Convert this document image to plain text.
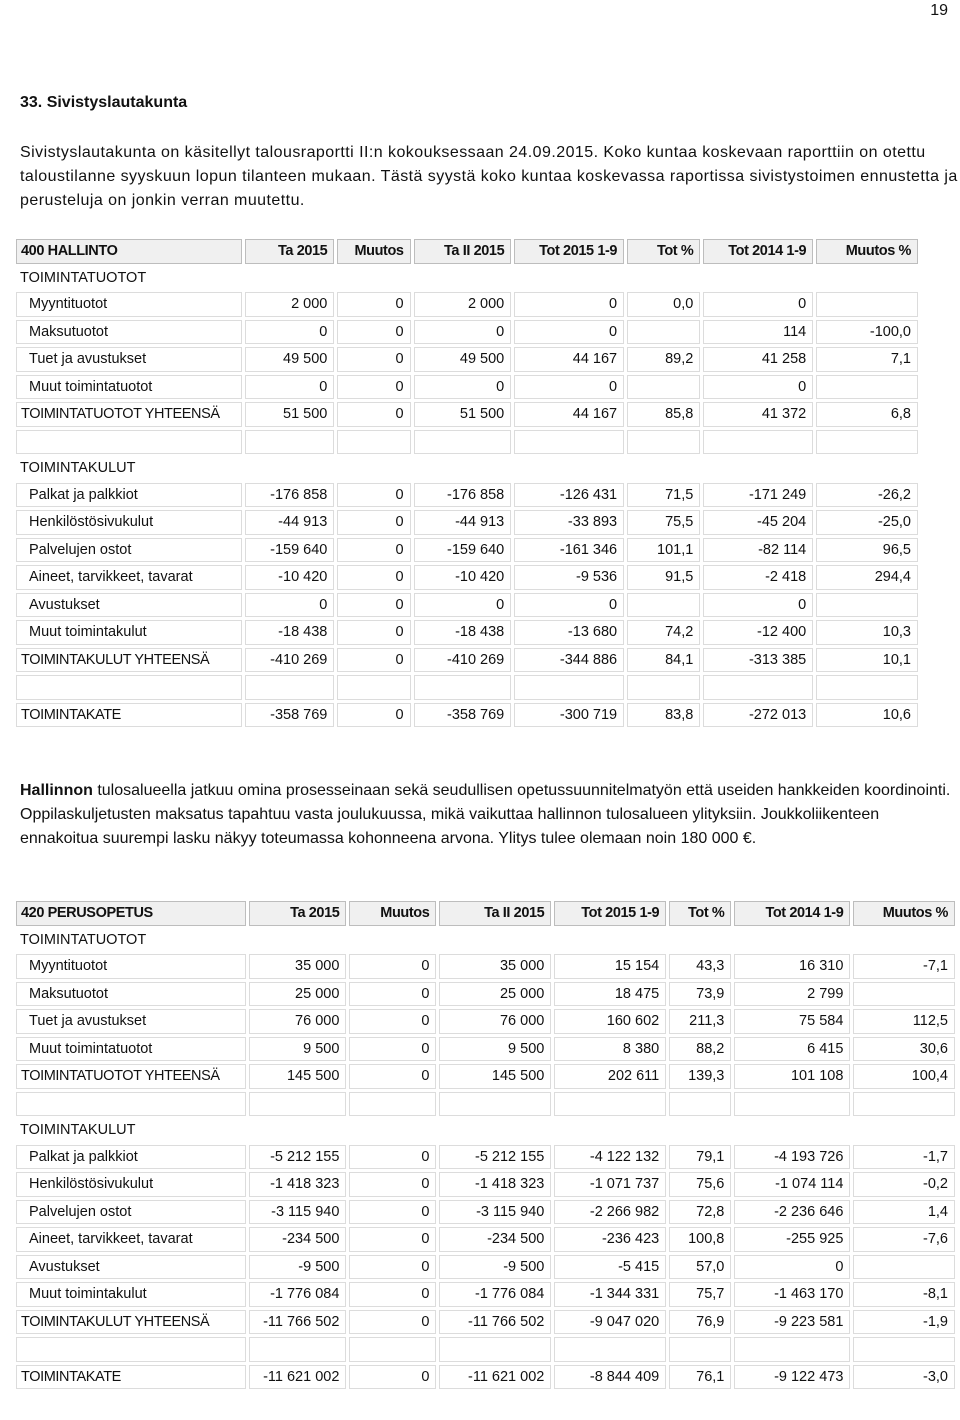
19
33. Sivistyslautakunta

Sivistyslautakunta on käsitellyt talousraportti II:n kokouksessaan 24.09.2015. Koko kuntaa koskevaan raporttiin on otettu taloustilanne syyskuun lopun tilanteen mukaan. Tästä syystä koko kuntaa koskevassa raportissa sivistystoimen ennustetta ja perusteluja on jonkin verran muutettu.

400 HALLINTO	Ta 2015	Muutos	Ta II 2015	Tot 2015 1-9	Tot %	Tot 2014 1-9	Muutos %
TOIMINTATUOTOT							
Myyntituotot	2 000	0	2 000	0	0,0	0	
Maksutuotot	0	0	0	0		114	-100,0
Tuet ja avustukset	49 500	0	49 500	44 167	89,2	41 258	7,1
Muut toimintatuotot	0	0	0	0		0	
TOIMINTATUOTOT YHTEENSÄ	51 500	0	51 500	44 167	85,8	41 372	6,8

TOIMINTAKULUT							
Palkat ja palkkiot	-176 858	0	-176 858	-126 431	71,5	-171 249	-26,2
Henkilöstösivukulut	-44 913	0	-44 913	-33 893	75,5	-45 204	-25,0
Palvelujen ostot	-159 640	0	-159 640	-161 346	101,1	-82 114	96,5
Aineet, tarvikkeet, tavarat	-10 420	0	-10 420	-9 536	91,5	-2 418	294,4
Avustukset	0	0	0	0		0	
Muut toimintakulut	-18 438	0	-18 438	-13 680	74,2	-12 400	10,3
TOIMINTAKULUT YHTEENSÄ	-410 269	0	-410 269	-344 886	84,1	-313 385	10,1

TOIMINTAKATE	-358 769	0	-358 769	-300 719	83,8	-272 013	10,6

Hallinnon tulosalueella jatkuu omina prosesseinaan sekä seudullisen opetussuunnitelmatyön että useiden hankkeiden koordinointi. Oppilaskuljetusten maksatus tapahtuu vasta joulukuussa, mikä vaikuttaa hallinnon tulosalueen ylityksiin. Joukkoliikenteen ennakoitua suurempi lasku näkyy toteumassa kohonneena arvona. Ylitys tulee olemaan noin 180 000 €.

420 PERUSOPETUS	Ta 2015	Muutos	Ta II 2015	Tot 2015 1-9	Tot %	Tot 2014 1-9	Muutos %
TOIMINTATUOTOT							
Myyntituotot	35 000	0	35 000	15 154	43,3	16 310	-7,1
Maksutuotot	25 000	0	25 000	18 475	73,9	2 799	
Tuet ja avustukset	76 000	0	76 000	160 602	211,3	75 584	112,5
Muut toimintatuotot	9 500	0	9 500	8 380	88,2	6 415	30,6
TOIMINTATUOTOT YHTEENSÄ	145 500	0	145 500	202 611	139,3	101 108	100,4

TOIMINTAKULUT							
Palkat ja palkkiot	-5 212 155	0	-5 212 155	-4 122 132	79,1	-4 193 726	-1,7
Henkilöstösivukulut	-1 418 323	0	-1 418 323	-1 071 737	75,6	-1 074 114	-0,2
Palvelujen ostot	-3 115 940	0	-3 115 940	-2 266 982	72,8	-2 236 646	1,4
Aineet, tarvikkeet, tavarat	-234 500	0	-234 500	-236 423	100,8	-255 925	-7,6
Avustukset	-9 500	0	-9 500	-5 415	57,0	0	
Muut toimintakulut	-1 776 084	0	-1 776 084	-1 344 331	75,7	-1 463 170	-8,1
TOIMINTAKULUT YHTEENSÄ	-11 766 502	0	-11 766 502	-9 047 020	76,9	-9 223 581	-1,9

TOIMINTAKATE	-11 621 002	0	-11 621 002	-8 844 409	76,1	-9 122 473	-3,0
